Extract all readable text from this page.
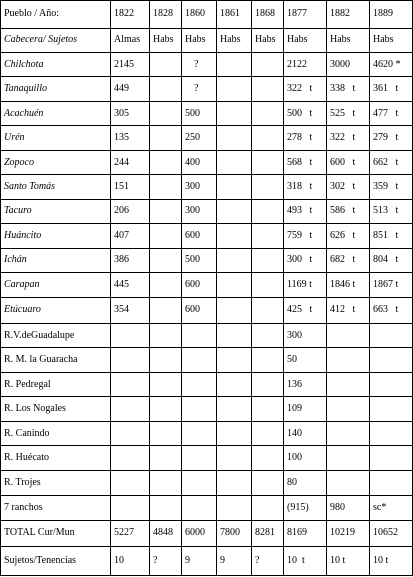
Pueblo / Año:	1822	1828	1860	1861	1868	1877	1882	1889
Cabecera/ Sujetos	Almas	Habs	Habs	Habs	Habs	Habs	Habs	Habs
Chilchota	2145		?			2122	3000	4620 *
Tanaquillo	449		?			322   t	338   t	361   t
Acachuén	305		500			500   t	525   t	477   t
Urén	135		250			278   t	322   t	279   t
Zopoco	244		400			568   t	600   t	662   t
Santo Tomás	151		300			318   t	302   t	359   t
Tacuro	206		300			493   t	586   t	513   t
Huáncito	407		600			759   t	626   t	851   t
Ichán	386		500			300   t	682   t	804   t
Carapan	445		600			1169 t	1846 t	1867 t
Etúcuaro	354		600			425   t	412   t	663   t
R.V.deGuadalupe						300		
R. M. la Guaracha						50		
R. Pedregal						136		
R. Los Nogales						109		
R. Canindo						140		
R. Huécato						100		
R. Trojes						80		
7 ranchos						(915)	980	sc*
TOTAL Cur/Mun	5227	4848	6000	7800	8281	8169	10219	10652
Sujetos/Tenencias	10	?	9	9	?	10  t	10 t	10 t
